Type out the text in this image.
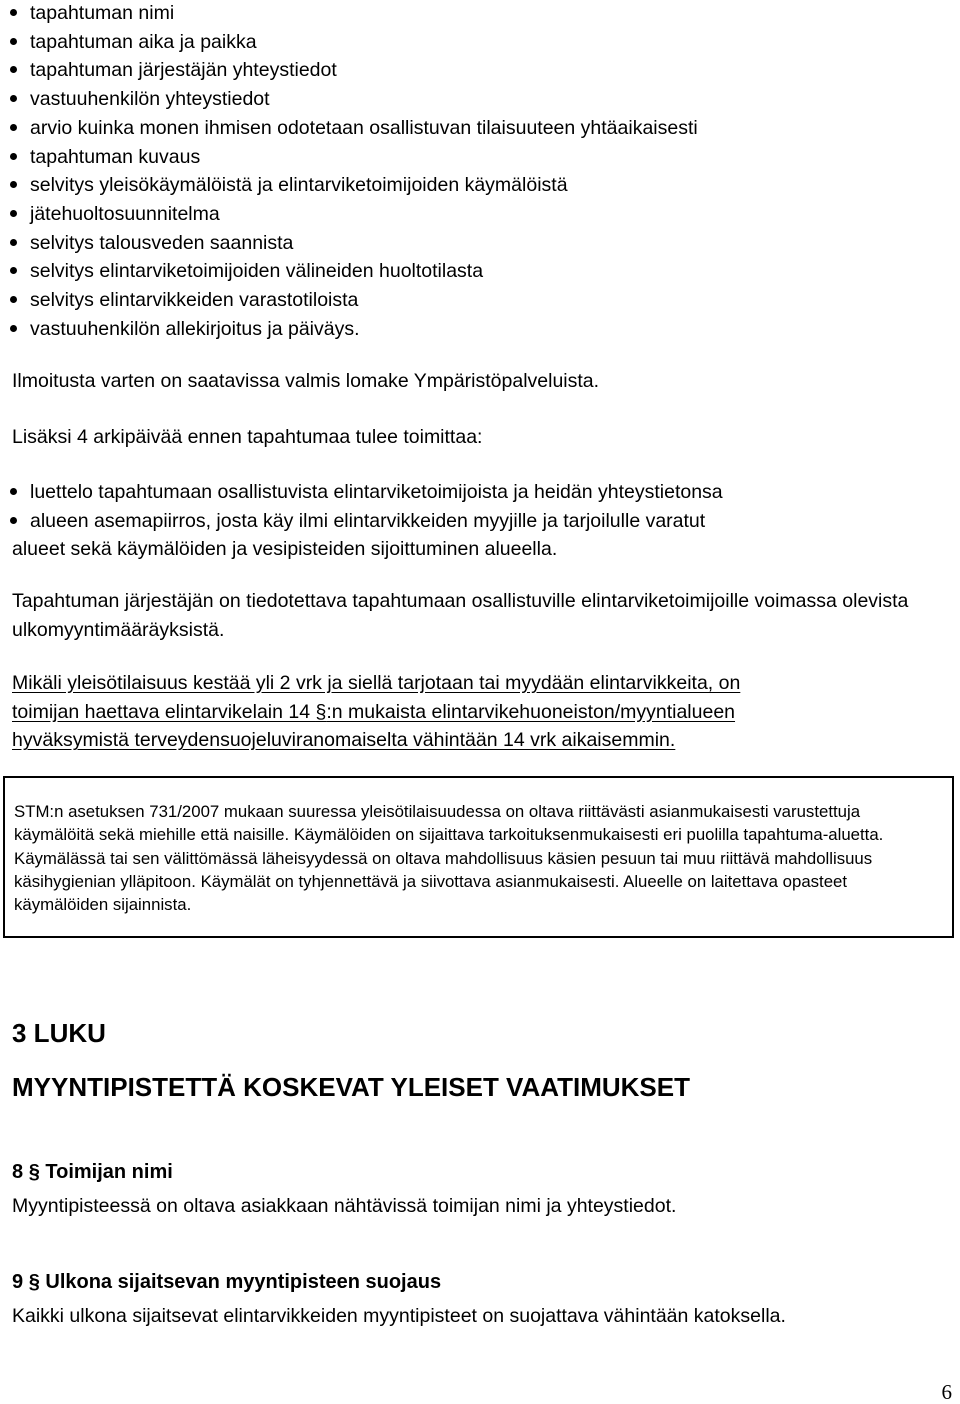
tapahtuman nimi
tapahtuman aika ja paikka
tapahtuman järjestäjän yhteystiedot
vastuuhenkilön yhteystiedot
arvio kuinka monen ihmisen odotetaan osallistuvan tilaisuuteen yhtäaikaisesti
tapahtuman kuvaus
selvitys yleisökäymälöistä ja elintarviketoimijoiden käymälöistä
jätehuoltosuunnitelma
selvitys talousveden saannista
selvitys elintarviketoimijoiden välineiden huoltotilasta
selvitys elintarvikkeiden varastotiloista
vastuuhenkilön allekirjoitus ja päiväys.

Ilmoitusta varten on saatavissa valmis lomake Ympäristöpalveluista.

Lisäksi 4 arkipäivää ennen tapahtumaa tulee toimittaa:

luettelo tapahtumaan osallistuvista elintarviketoimijoista ja heidän yhteystietonsa
alueen asemapiirros, josta käy ilmi elintarvikkeiden myyjille ja tarjoilulle varatut
alueet sekä käymälöiden ja vesipisteiden sijoittuminen alueella.

Tapahtuman järjestäjän on tiedotettava tapahtumaan osallistuville elintarviketoimijoille voimassa olevista ulkomyyntimääräyksistä.

Mikäli yleisötilaisuus kestää yli 2 vrk ja siellä tarjotaan tai myydään elintarvikkeita, on
toimijan haettava elintarvikelain 14 §:n mukaista elintarvikehuoneiston/myyntialueen
hyväksymistä terveydensuojeluviranomaiselta vähintään 14 vrk aikaisemmin.

STM:n asetuksen 731/2007 mukaan suuressa yleisötilaisuudessa on oltava riittävästi asianmukaisesti varustettuja käymälöitä sekä miehille että naisille. Käymälöiden on sijaittava tarkoituksenmukaisesti eri puolilla tapahtuma-aluetta. Käymälässä tai sen välittömässä läheisyydessä on oltava mahdollisuus käsien pesuun tai muu riittävä mahdollisuus käsihygienian ylläpitoon. Käymälät on tyhjennettävä ja siivottava asianmukaisesti. Alueelle on laitettava opasteet käymälöiden sijainnista.

3 LUKU
MYYNTIPISTETTÄ KOSKEVAT YLEISET VAATIMUKSET
8 § Toimijan nimi

Myyntipisteessä on oltava asiakkaan nähtävissä toimijan nimi ja yhteystiedot.

9 § Ulkona sijaitsevan myyntipisteen suojaus

Kaikki ulkona sijaitsevat elintarvikkeiden myyntipisteet on suojattava vähintään katoksella.

6
